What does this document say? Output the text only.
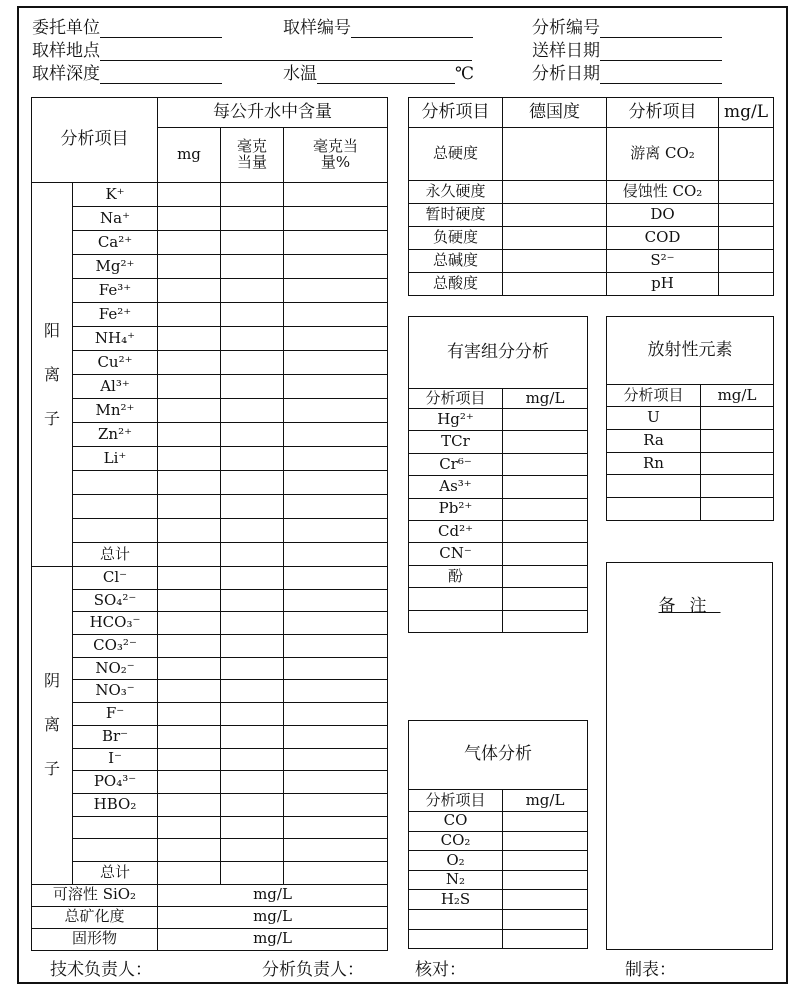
委托单位	取样编号	分析编号
取样地点	送样日期
取样深度	水温	℃	分析日期
分析项目		每公升水中含量		
		mg	毫克当量	毫克当量%
阳离子	K⁺			
	Na⁺			
	Ca²⁺			
	Mg²⁺			
	Fe³⁺			
	Fe²⁺			
	NH₄⁺			
	Cu²⁺			
	Al³⁺			
	Mn²⁺			
	Zn²⁺			
	Li⁺			

	总计			
阴离子	Cl⁻			
	SO₄²⁻			
	HCO₃⁻			
	CO₃²⁻			
	NO₂⁻			
	NO₃⁻			
	F⁻			
	Br⁻			
	I⁻			
	PO₄³⁻			
	HBO₂			

	总计			
可溶性 SiO₂		mg/L		
总矿化度		mg/L		
固形物		mg/L		
分析项目	德国度	分析项目	mg/L
总硬度		游离 CO₂	
永久硬度		侵蚀性 CO₂	
暂时硬度		DO	
负硬度		COD	
总碱度		S²⁻	
总酸度		pH	
有害组分分析	
分析项目	mg/L
Hg²⁺	
TCr	
Cr⁶⁻	
As³⁺	
Pb²⁺	
Cd²⁺	
CN⁻	
酚	

放射性元素	
分析项目	mg/L
U	
Ra	
Rn	

气体分析	
分析项目	mg/L
CO	
CO₂	
O₂	
N₂	
H₂S	

备注
技术负责人：	分析负责人：	核对：	制表：
